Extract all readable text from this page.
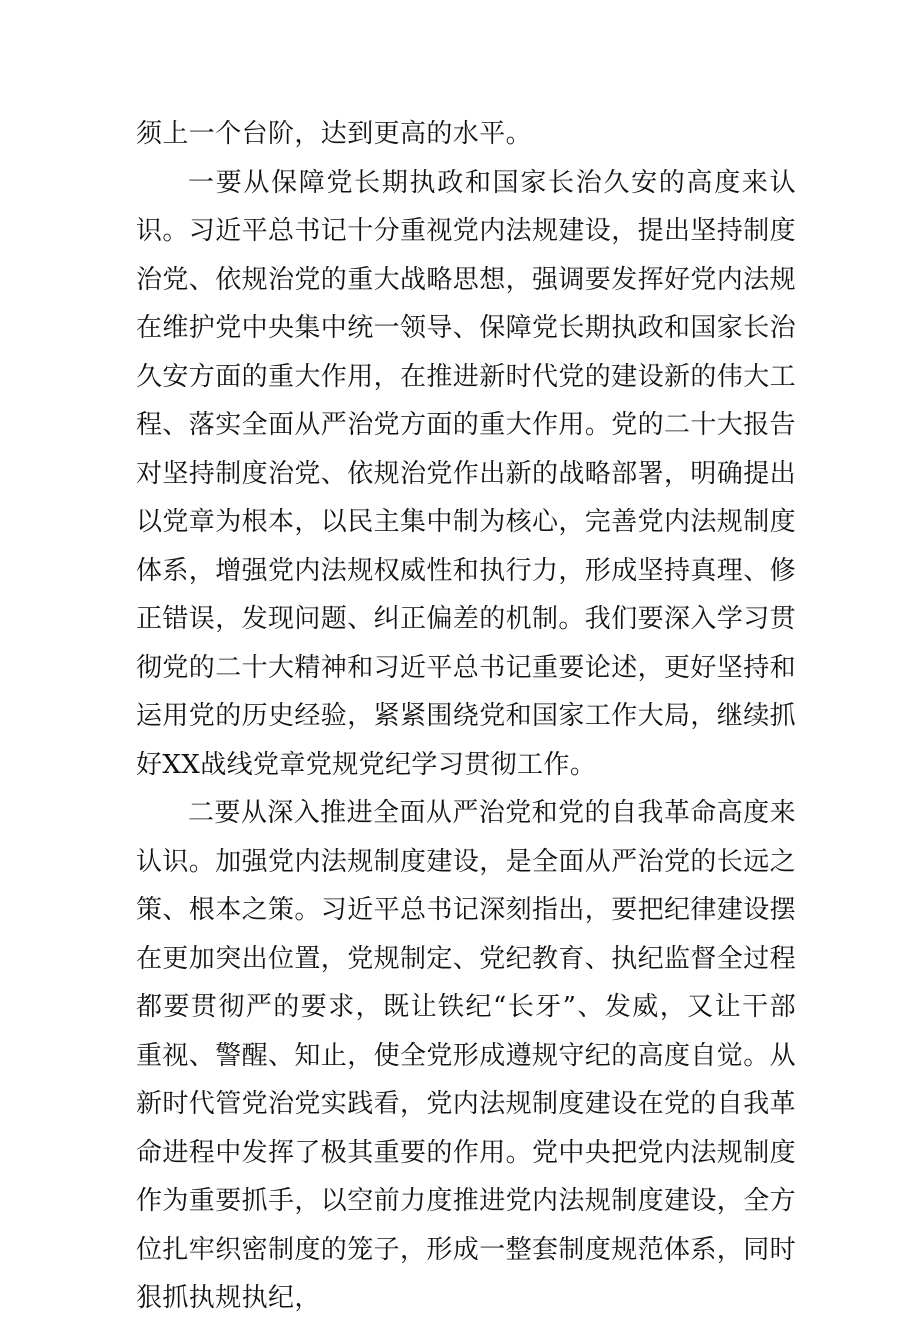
须上一个台阶，达到更高的水平。

一要从保障党长期执政和国家长治久安的高度来认识。习近平总书记十分重视党内法规建设，提出坚持制度治党、依规治党的重大战略思想，强调要发挥好党内法规在维护党中央集中统一领导、保障党长期执政和国家长治久安方面的重大作用，在推进新时代党的建设新的伟大工程、落实全面从严治党方面的重大作用。党的二十大报告对坚持制度治党、依规治党作出新的战略部署，明确提出以党章为根本，以民主集中制为核心，完善党内法规制度体系，增强党内法规权威性和执行力，形成坚持真理、修正错误，发现问题、纠正偏差的机制。我们要深入学习贯彻党的二十大精神和习近平总书记重要论述，更好坚持和运用党的历史经验，紧紧围绕党和国家工作大局，继续抓好XX战线党章党规党纪学习贯彻工作。

二要从深入推进全面从严治党和党的自我革命高度来认识。加强党内法规制度建设，是全面从严治党的长远之策、根本之策。习近平总书记深刻指出，要把纪律建设摆在更加突出位置，党规制定、党纪教育、执纪监督全过程都要贯彻严的要求，既让铁纪“长牙”、发威，又让干部重视、警醒、知止，使全党形成遵规守纪的高度自觉。从新时代管党治党实践看，党内法规制度建设在党的自我革命进程中发挥了极其重要的作用。党中央把党内法规制度作为重要抓手，以空前力度推进党内法规制度建设，全方位扎牢织密制度的笼子，形成一整套制度规范体系，同时狠抓执规执纪，
